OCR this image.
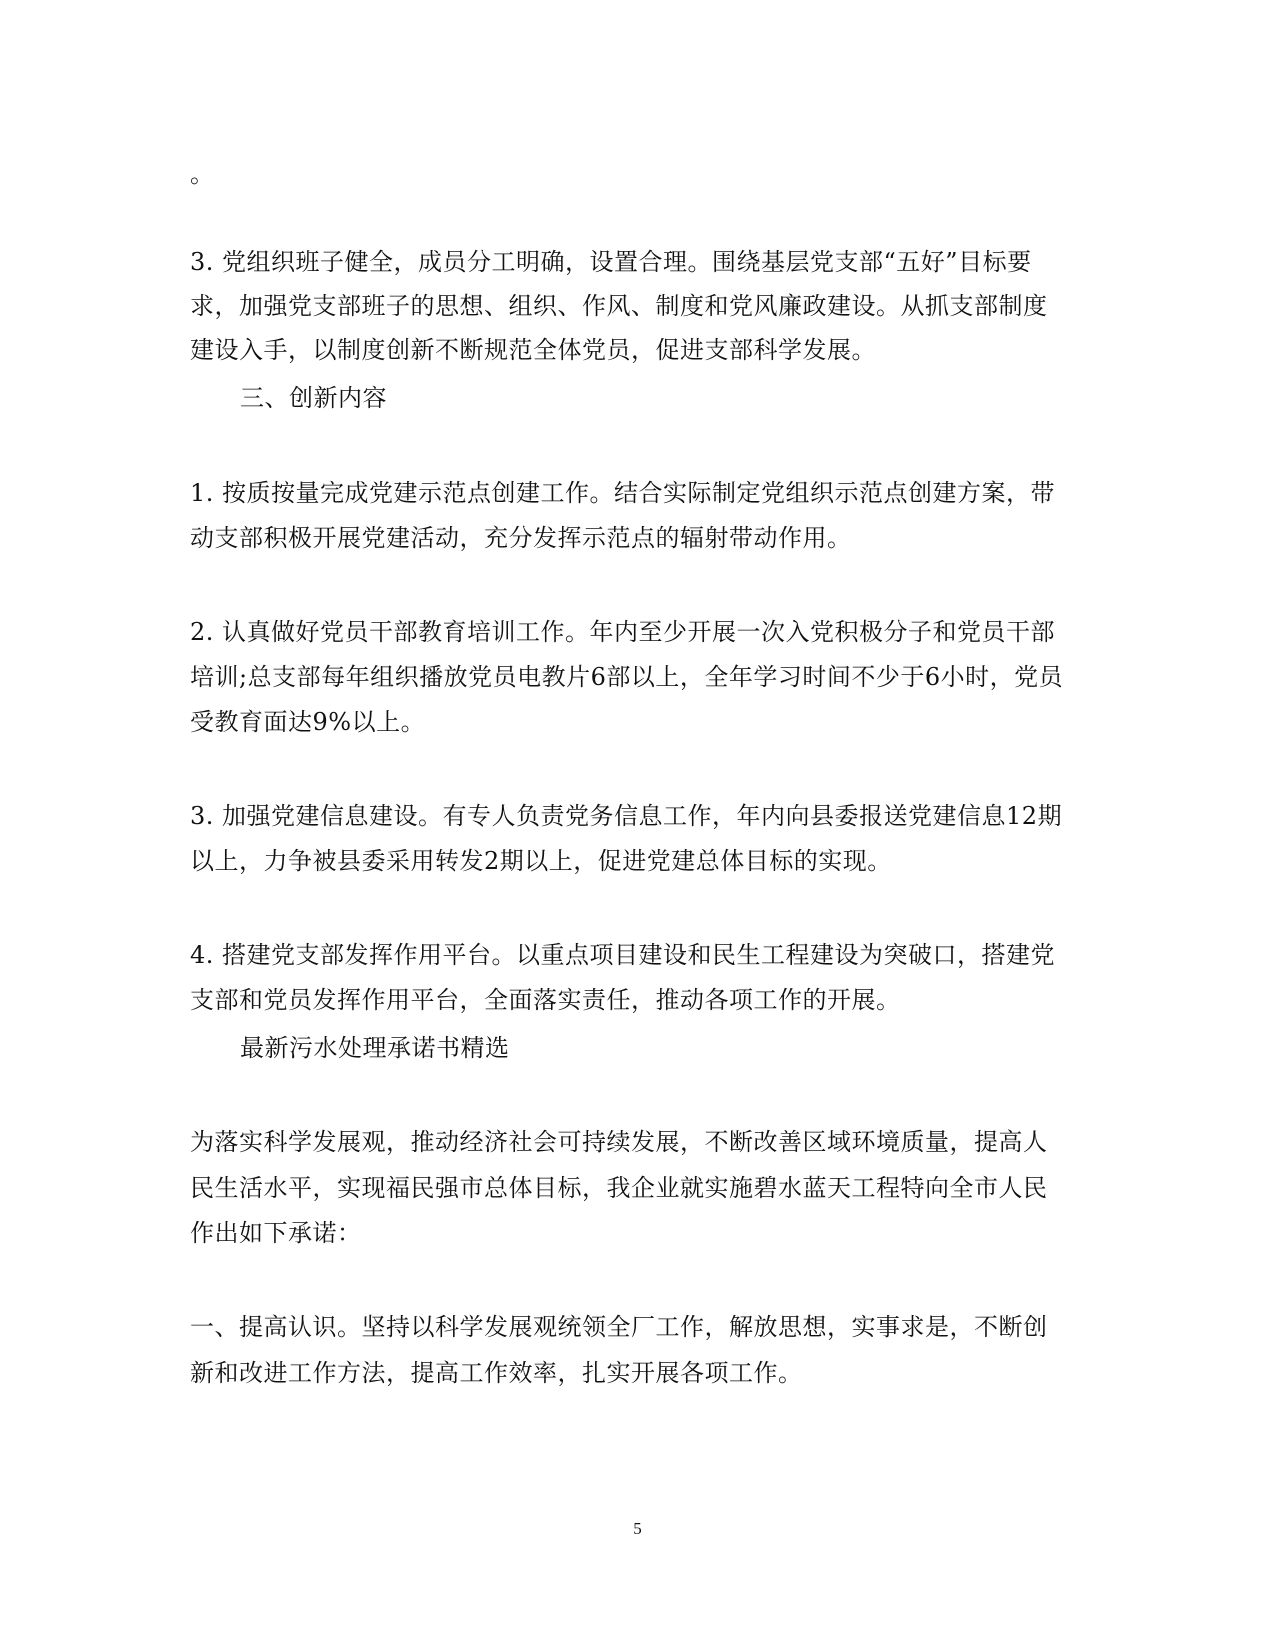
。
3. 党组织班子健全，成员分工明确，设置合理。围绕基层党支部“五好”目标要
求，加强党支部班子的思想、组织、作风、制度和党风廉政建设。从抓支部制度
建设入手，以制度创新不断规范全体党员，促进支部科学发展。
三、创新内容
1. 按质按量完成党建示范点创建工作。结合实际制定党组织示范点创建方案，带
动支部积极开展党建活动，充分发挥示范点的辐射带动作用。
2. 认真做好党员干部教育培训工作。年内至少开展一次入党积极分子和党员干部
培训;总支部每年组织播放党员电教片6部以上，全年学习时间不少于6小时，党员
受教育面达9%以上。
3. 加强党建信息建设。有专人负责党务信息工作，年内向县委报送党建信息12期
以上，力争被县委采用转发2期以上，促进党建总体目标的实现。
4. 搭建党支部发挥作用平台。以重点项目建设和民生工程建设为突破口，搭建党
支部和党员发挥作用平台，全面落实责任，推动各项工作的开展。
最新污水处理承诺书精选
为落实科学发展观，推动经济社会可持续发展，不断改善区域环境质量，提高人
民生活水平，实现福民强市总体目标，我企业就实施碧水蓝天工程特向全市人民
作出如下承诺：
一、提高认识。坚持以科学发展观统领全厂工作，解放思想，实事求是，不断创
新和改进工作方法，提高工作效率，扎实开展各项工作。
5
